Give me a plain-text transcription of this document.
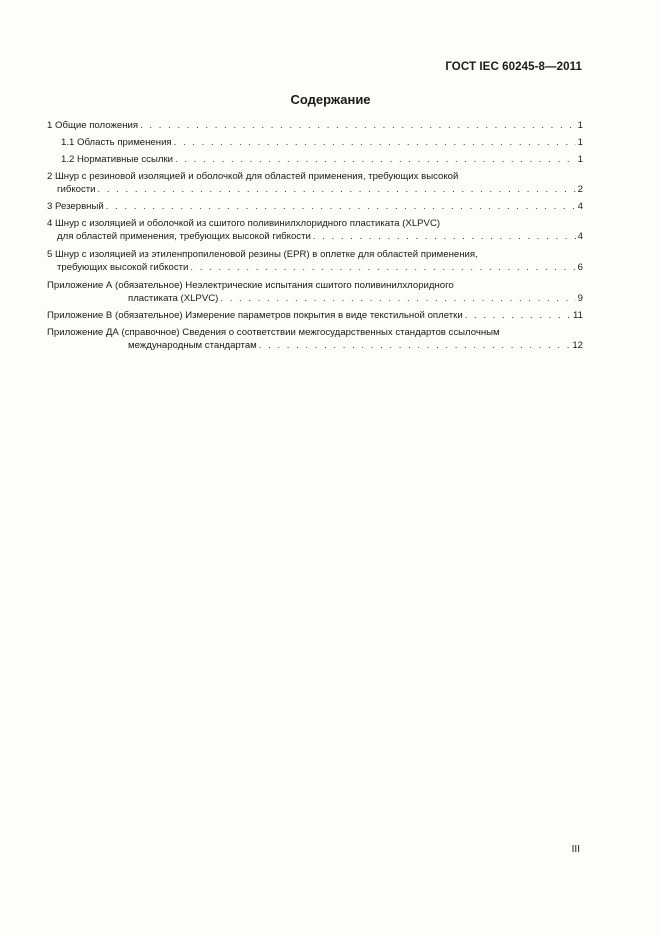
ГОСТ IEC 60245-8—2011
Содержание
1 Общие положения . . .	1
1.1 Область применения . . .	1
1.2 Нормативные ссылки . . .	1
2 Шнур с резиновой изоляцией и оболочкой для областей применения, требующих высокой
гибкости . . .	2
3 Резервный . . .	4
4 Шнур с изоляцией и оболочкой из сшитого поливинилхлоридного пластиката (XLPVC)
для областей применения, требующих высокой гибкости . . .	4
5 Шнур с изоляцией из этиленпропиленовой резины (EPR) в оплетке для областей применения,
требующих высокой гибкости . . .	6
Приложение А (обязательное) Неэлектрические испытания сшитого поливинилхлоридного
пластиката (XLPVC) . . .	9
Приложение В (обязательное) Измерение параметров покрытия в виде текстильной оплетки . . .	11
Приложение ДА (справочное) Сведения о соответствии межгосударственных стандартов ссылочным
международным стандартам . . .	12
III
